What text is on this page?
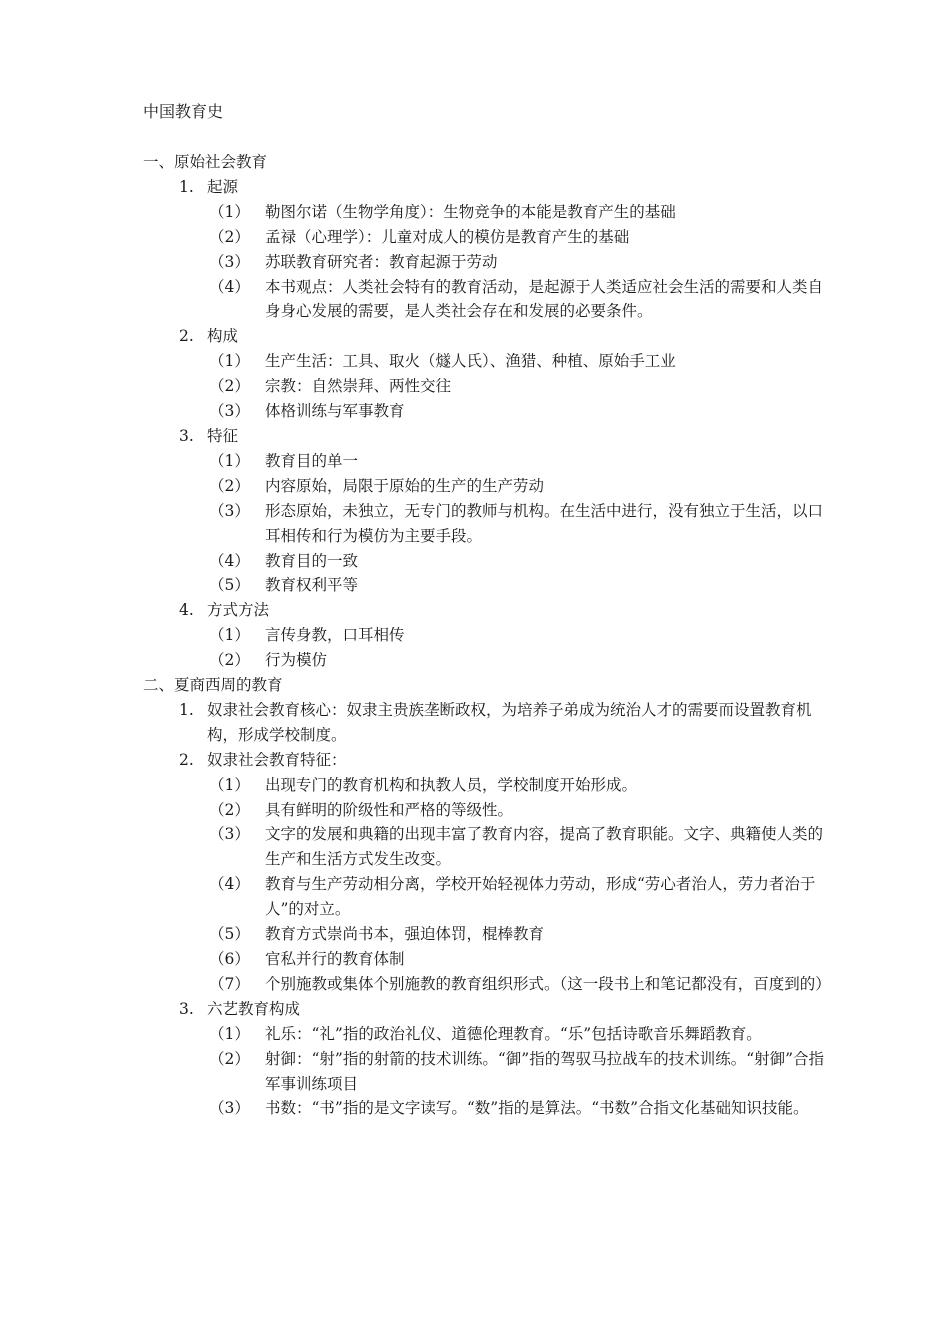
中国教育史
一、原始社会教育
1. 起源
（1） 勒图尔诺（生物学角度）：生物竞争的本能是教育产生的基础
（2） 孟禄（心理学）：儿童对成人的模仿是教育产生的基础
（3） 苏联教育研究者：教育起源于劳动
（4） 本书观点：人类社会特有的教育活动，是起源于人类适应社会生活的需要和人类自身身心发展的需要，是人类社会存在和发展的必要条件。
2. 构成
（1） 生产生活：工具、取火（燧人氏）、渔猎、种植、原始手工业
（2） 宗教：自然崇拜、两性交往
（3） 体格训练与军事教育
3. 特征
（1） 教育目的单一
（2） 内容原始，局限于原始的生产的生产劳动
（3） 形态原始，未独立，无专门的教师与机构。在生活中进行，没有独立于生活，以口耳相传和行为模仿为主要手段。
（4） 教育目的一致
（5） 教育权利平等
4. 方式方法
（1） 言传身教，口耳相传
（2） 行为模仿
二、夏商西周的教育
1. 奴隶社会教育核心：奴隶主贵族垄断政权，为培养子弟成为统治人才的需要而设置教育机构，形成学校制度。
2. 奴隶社会教育特征：
（1） 出现专门的教育机构和执教人员，学校制度开始形成。
（2） 具有鲜明的阶级性和严格的等级性。
（3） 文字的发展和典籍的出现丰富了教育内容，提高了教育职能。文字、典籍使人类的生产和生活方式发生改变。
（4） 教育与生产劳动相分离，学校开始轻视体力劳动，形成“劳心者治人，劳力者治于人”的对立。
（5） 教育方式崇尚书本，强迫体罚，棍棒教育
（6） 官私并行的教育体制
（7） 个别施教或集体个别施教的教育组织形式。（这一段书上和笔记都没有，百度到的）
3. 六艺教育构成
（1） 礼乐：“礼”指的政治礼仪、道德伦理教育。“乐”包括诗歌音乐舞蹈教育。
（2） 射御：“射”指的射箭的技术训练。“御”指的驾驭马拉战车的技术训练。“射御”合指军事训练项目
（3） 书数：“书”指的是文字读写。“数”指的是算法。“书数”合指文化基础知识技能。
